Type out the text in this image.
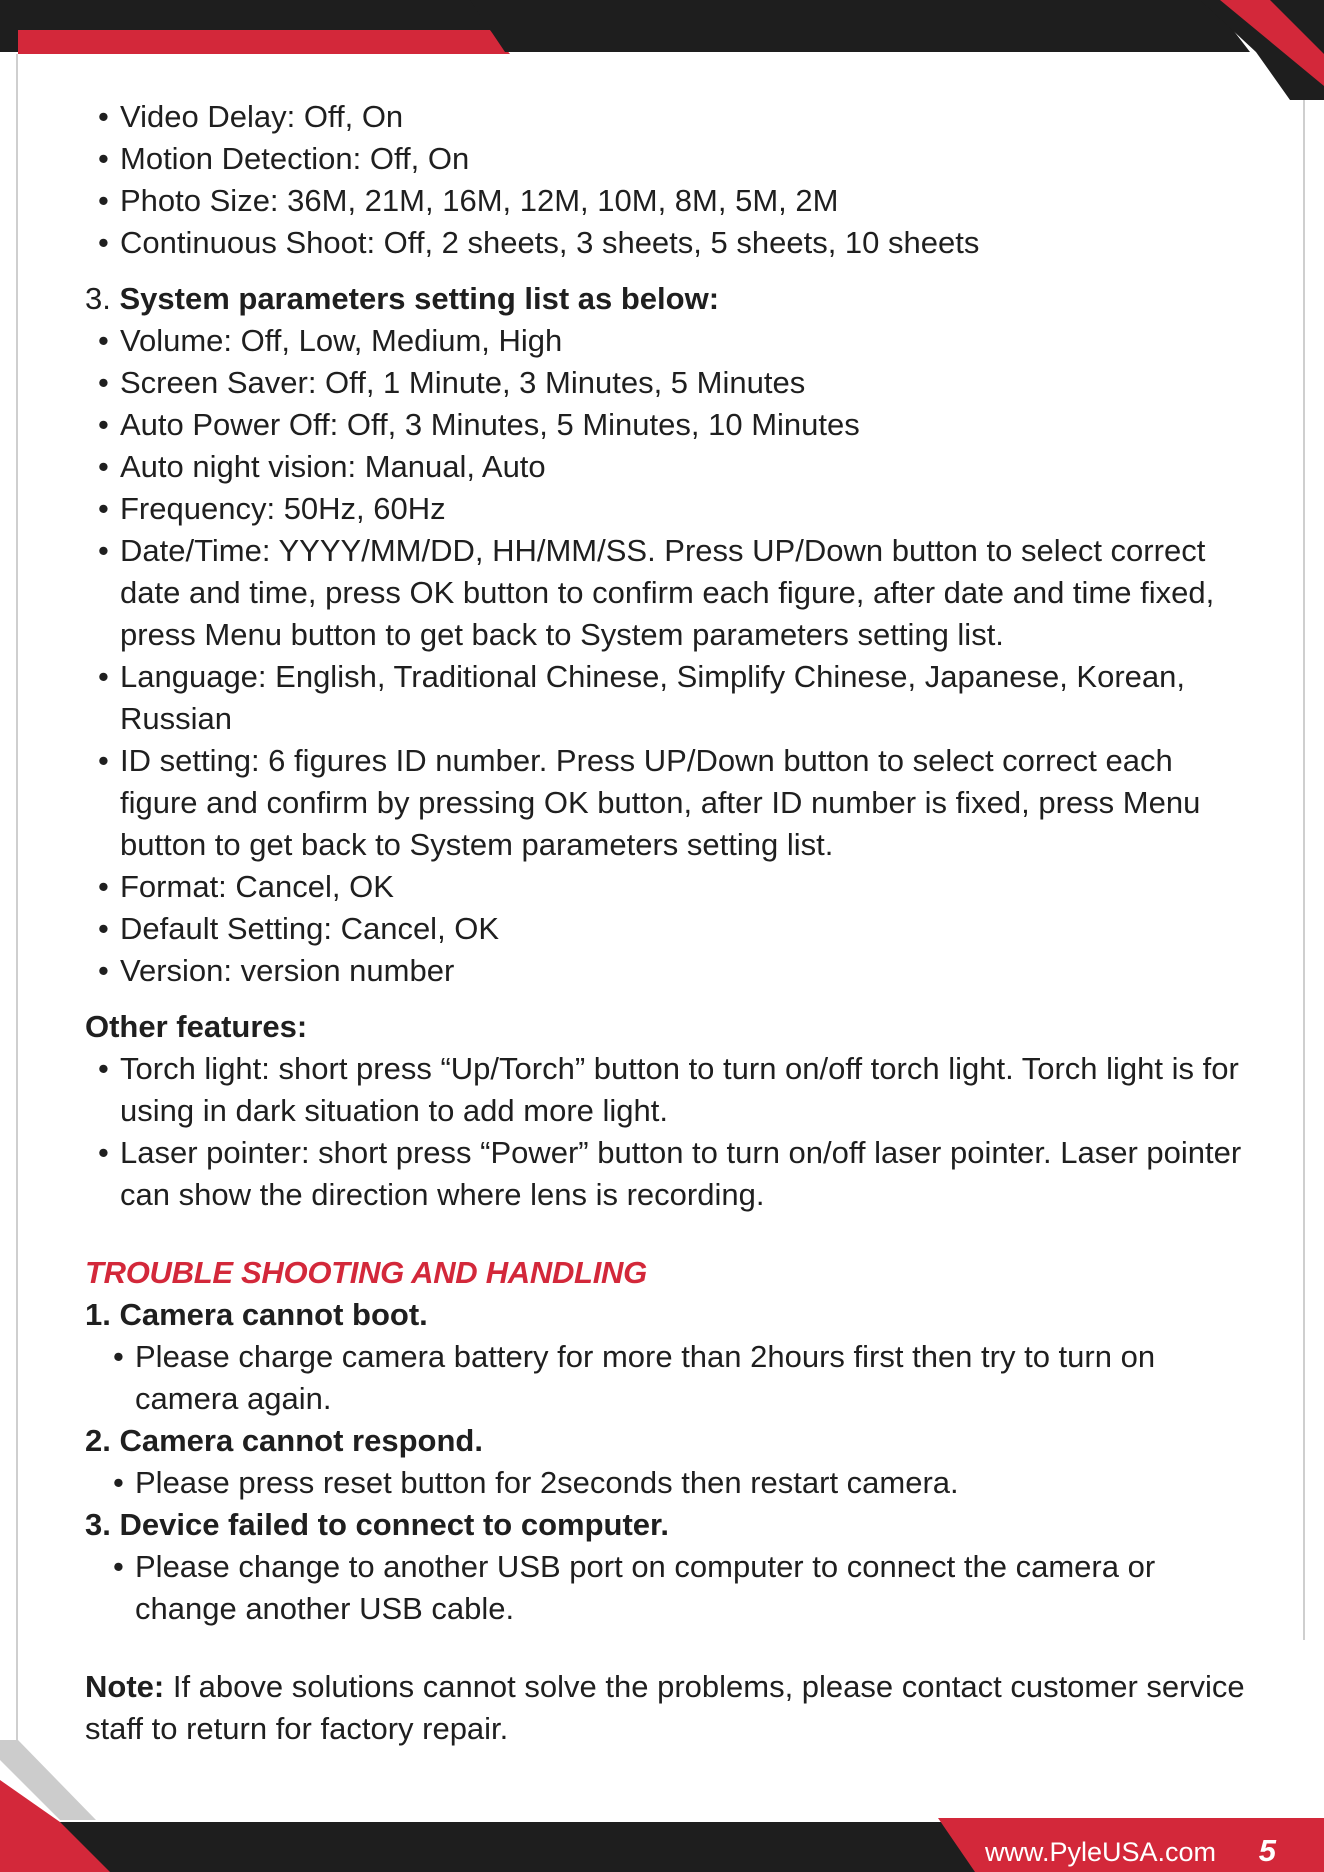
• Video Delay: Off, On
• Motion Detection: Off, On
• Photo Size: 36M, 21M, 16M, 12M, 10M, 8M, 5M, 2M
• Continuous Shoot: Off, 2 sheets, 3 sheets, 5 sheets, 10 sheets
3. System parameters setting list as below:
• Volume: Off, Low, Medium, High
• Screen Saver: Off, 1 Minute, 3 Minutes, 5 Minutes
• Auto Power Off: Off, 3 Minutes, 5 Minutes, 10 Minutes
• Auto night vision: Manual, Auto
• Frequency: 50Hz, 60Hz
• Date/Time: YYYY/MM/DD, HH/MM/SS. Press UP/Down button to select correct date and time, press OK button to confirm each figure, after date and time fixed, press Menu button to get back to System parameters setting list.
• Language: English, Traditional Chinese, Simplify Chinese, Japanese, Korean, Russian
• ID setting: 6 figures ID number. Press UP/Down button to select correct each figure and confirm by pressing OK button, after ID number is fixed, press Menu button to get back to System parameters setting list.
• Format: Cancel, OK
• Default Setting: Cancel, OK
• Version: version number
Other features:
• Torch light: short press “Up/Torch” button to turn on/off torch light. Torch light is for using in dark situation to add more light.
• Laser pointer: short press “Power” button to turn on/off laser pointer. Laser pointer can show the direction where lens is recording.
TROUBLE SHOOTING AND HANDLING
1. Camera cannot boot.
• Please charge camera battery for more than 2hours first then try to turn on camera again.
2. Camera cannot respond.
• Please press reset button for 2seconds then restart camera.
3. Device failed to connect to computer.
• Please change to another USB port on computer to connect the camera or change another USB cable.
Note: If above solutions cannot solve the problems, please contact customer service staff to return for factory repair.
www.PyleUSA.com 5
